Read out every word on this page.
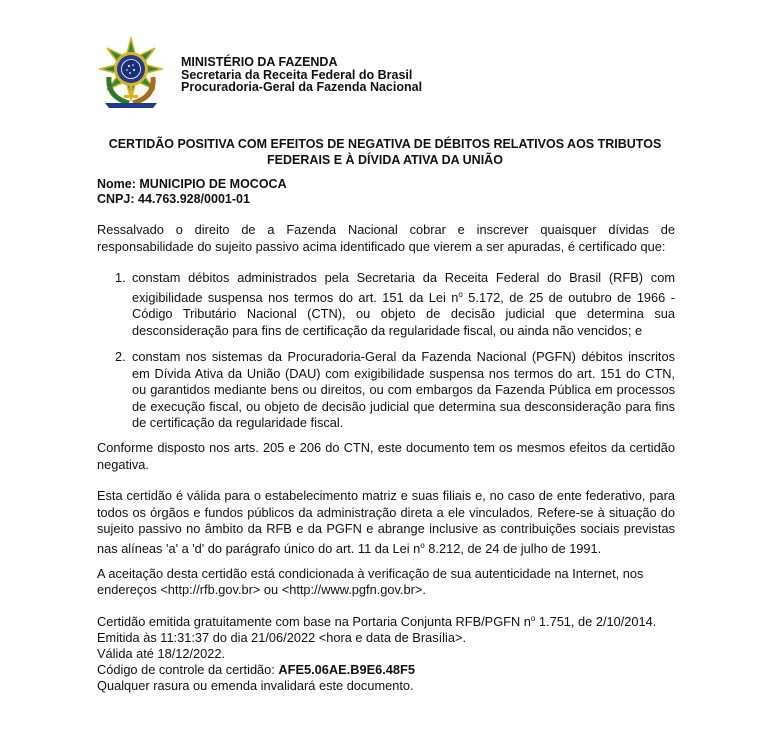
MINISTÉRIO DA FAZENDA
Secretaria da Receita Federal do Brasil
Procuradoria-Geral da Fazenda Nacional
CERTIDÃO POSITIVA COM EFEITOS DE NEGATIVA DE DÉBITOS RELATIVOS AOS TRIBUTOS FEDERAIS E À DÍVIDA ATIVA DA UNIÃO
Nome: MUNICIPIO DE MOCOCA
CNPJ: 44.763.928/0001-01
Ressalvado o direito de a Fazenda Nacional cobrar e inscrever quaisquer dívidas de responsabilidade do sujeito passivo acima identificado que vierem a ser apuradas, é certificado que:
1. constam débitos administrados pela Secretaria da Receita Federal do Brasil (RFB) com exigibilidade suspensa nos termos do art. 151 da Lei $n^o$ 5.172, de 25 de outubro de 1966 - Código Tributário Nacional (CTN), ou objeto de decisão judicial que determina sua desconsideração para fins de certificação da regularidade fiscal, ou ainda não vencidos; e
2. constam nos sistemas da Procuradoria-Geral da Fazenda Nacional (PGFN) débitos inscritos em Dívida Ativa da União (DAU) com exigibilidade suspensa nos termos do art. 151 do CTN, ou garantidos mediante bens ou direitos, ou com embargos da Fazenda Pública em processos de execução fiscal, ou objeto de decisão judicial que determina sua desconsideração para fins de certificação da regularidade fiscal.
Conforme disposto nos arts. 205 e 206 do CTN, este documento tem os mesmos efeitos da certidão negativa.
Esta certidão é válida para o estabelecimento matriz e suas filiais e, no caso de ente federativo, para todos os órgãos e fundos públicos da administração direta a ele vinculados. Refere-se à situação do sujeito passivo no âmbito da RFB e da PGFN e abrange inclusive as contribuições sociais previstas nas alíneas 'a' a 'd' do parágrafo único do art. 11 da Lei $n^o$ 8.212, de 24 de julho de 1991.
A aceitação desta certidão está condicionada à verificação de sua autenticidade na Internet, nos
endereços <http://rfb.gov.br> ou <http://www.pgfn.gov.br>.
Certidão emitida gratuitamente com base na Portaria Conjunta RFB/PGFN $n^o$ 1.751, de 2/10/2014.
Emitida às 11:31:37 do dia 21/06/2022 <hora e data de Brasília>.
Válida até 18/12/2022.
Código de controle da certidão: AFE5.06AE.B9E6.48F5
Qualquer rasura ou emenda invalidará este documento.
